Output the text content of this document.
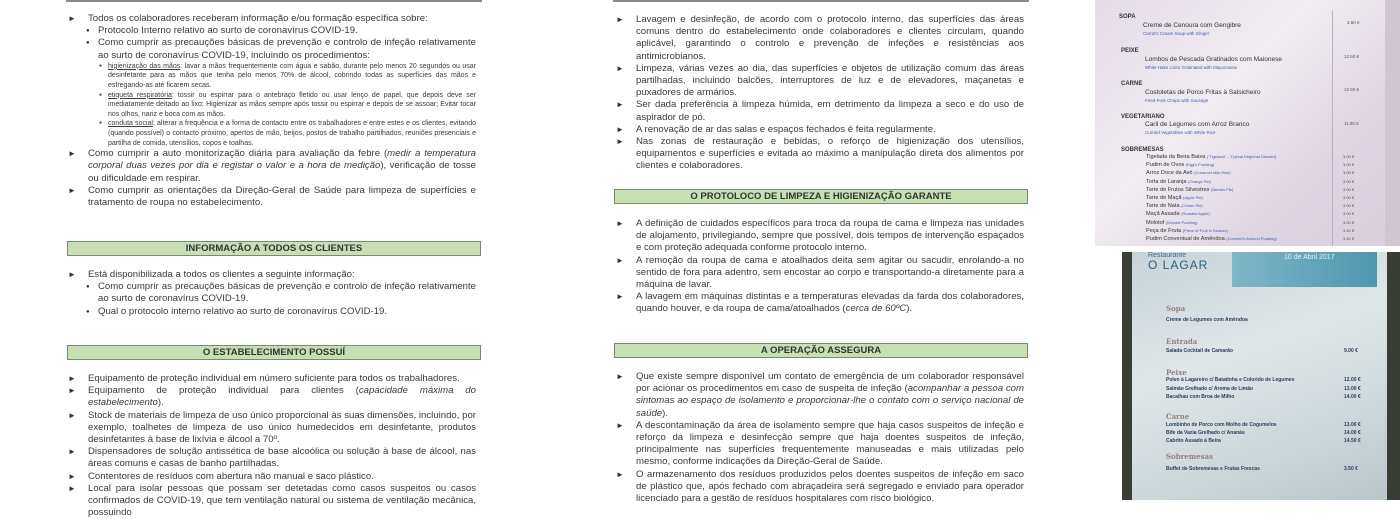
► Todos os colaboradores receberam informação e/ou formação específica sobre:
● Protocolo Interno relativo ao surto de coronavírus COVID-19.
● Como cumprir as precauções básicas de prevenção e controlo de infeção relativamente ao surto de coronavírus COVID-19, incluindo os procedimentos:
● higienização das mãos: lavar a mãos frequentemente com água e sabão, durante pelo menos 20 segundos ou usar desinfetante para as mãos que tenha pelo menos 70% de álcool, cobrindo todas as superfícies das mãos e esfregando-as até ficarem secas.
● etiqueta respiratória: tossir ou espirrar para o antebraço fletido ou usar lenço de papel, que depois deve ser imediatamente deitado ao lixo; Higienizar as mãos sempre após tossir ou espirrar e depois de se assoar; Evitar tocar nos olhos, nariz e boca com as mãos.
● conduta social: alterar a frequência e a forma de contacto entre os trabalhadores e entre estes e os clientes, evitando (quando possível) o contacto próximo, apertos de mão, beijos, postos de trabalho partilhados, reuniões presenciais e partilha de comida, utensílios, copos e toalhas.
► Como cumprir a auto monitorização diária para avaliação da febre (medir a temperatura corporal duas vezes por dia e registar o valor e a hora de medição), verificação de tosse ou dificuldade em respirar.
► Como cumprir as orientações da Direção-Geral de Saúde para limpeza de superfícies e tratamento de roupa no estabelecimento.
INFORMAÇÃO A TODOS OS CLIENTES
► Está disponibilizada a todos os clientes a seguinte informação:
● Como cumprir as precauções básicas de prevenção e controlo de infeção relativamente ao surto de coronavírus COVID-19.
● Qual o protocolo interno relativo ao surto de coronavírus COVID-19.
O ESTABELECIMENTO POSSUÍ
► Equipamento de proteção individual em número suficiente para todos os trabalhadores.
► Equipamento de proteção individual para clientes (capacidade máxima do estabelecimento).
► Stock de materiais de limpeza de uso único proporcional às suas dimensões, incluindo, por exemplo, toalhetes de limpeza de uso único humedecidos em desinfetante, produtos desinfetantes à base de lixívia e álcool a 70º.
► Dispensadores de solução antissética de base alcoólica ou solução à base de álcool, nas áreas comuns e casas de banho partilhadas.
► Contentores de resíduos com abertura não manual e saco plástico.
► Local para isolar pessoas que possam ser detetadas como casos suspeitos ou casos confirmados de COVID-19, que tem ventilação natural ou sistema de ventilação mecânica, possuindo
► Lavagem e desinfeção, de acordo com o protocolo interno, das superfícies das áreas comuns dentro do estabelecimento onde colaboradores e clientes circulam, quando aplicável, garantindo o controlo e prevenção de infeções e resistências aos antimicrobianos.
► Limpeza, várias vezes ao dia, das superfícies e objetos de utilização comum das áreas partilhadas, incluindo balcões, interruptores de luz e de elevadores, maçanetas e puxadores de armários.
► Ser dada preferência à limpeza húmida, em detrimento da limpeza a seco e do uso de aspirador de pó.
► A renovação de ar das salas e espaços fechados é feita regularmente.
► Nas zonas de restauração e bebidas, o reforço de higienização dos utensílios, equipamentos e superfícies e evitada ao máximo a manipulação direta dos alimentos por clientes e colaboradores.
O PROTOLOCO DE LIMPEZA E HIGIENIZAÇÃO GARANTE
► A definição de cuidados específicos para troca da roupa de cama e limpeza nas unidades de alojamento, privilegiando, sempre que possível, dois tempos de intervenção espaçados e com proteção adequada conforme protocolo interno.
► A remoção da roupa de cama e atoalhados deita sem agitar ou sacudir, enrolando-a no sentido de fora para adentro, sem encostar ao corpo e transportando-a diretamente para a máquina de lavar.
► A lavagem em máquinas distintas e a temperaturas elevadas da farda dos colaboradores, quando houver, e da roupa de cama/atoalhados (cerca de 60ºC).
A OPERAÇÃO ASSEGURA
► Que existe sempre disponível um contato de emergência de um colaborador responsável por acionar os procedimentos em caso de suspeita de infeção (acompanhar a pessoa com sintomas ao espaço de isolamento e proporcionar-lhe o contato com o serviço nacional de saúde).
► A descontaminação da área de isolamento sempre que haja casos suspeitos de infeção e reforço da limpeza e desinfecção sempre que haja doentes suspeitos de infeção, principalmente nas superfícies frequentemente manuseadas e mais utilizadas pelo mesmo, conforme indicações da Direção-Geral de Saúde.
► O armazenamento dos resíduos produzidos pelos doentes suspeitos de infeção em saco de plástico que, após fechado com abraçadeira será segregado e enviado para operador licenciado para a gestão de resíduos hospitalares com risco biológico.
SOPA
Creme de Cenoura com Gengibre
Carrot's Cream Soup with Ginger
2.50 €
PEIXE
Lombos de Pescada Gratinados com Maionese
White Hake Loins Gratinated with Mayonnaise
12.50 €
CARNE
Costoletas de Porco Fritas à Salsicheiro
Fried Pork Chops with Sausage
12.50 €
VEGETARIANO
Caril de Legumes com Arroz Branco
Curried Vegetables with White Rice
11.50 €
SOBREMESAS
Tigelada da Beira Baixa ("Tigelada" – Typical Regional Dessert)	3.00 €
Pudim de Ovos (Egg's Pudding)	3.00 €
Arroz Doce da Avó (Creamed Milk Rice)	3.00 €
Torta de Laranja (Orange Pie)	3.00 €
Tarte de Frutos Silvestres (Berries Pie)	3.00 €
Tarte de Maçã (Apple Pie)	3.00 €
Tarte de Nata (Cream Pie)	3.00 €
Maçã Assada (Roasted Apple)	3.00 €
Molotof (Molotof Pudding)	3.00 €
Peça de Fruta (Piece of Fruit in Season)	3.50 €
Pudim Conventual de Amêndoa (Convent's Almond Pudding)	3.50 €
Restaurante
O LAGAR
10 de Abril 2017
Sopa
Entrada
Peixe
Carne
Sobremesas
Creme de Legumes com Amêndoa
Salada Cocktail de Camarão	9.00 €
Polvo à Lagareiro c/ Batatinha e Colorido de Legumes	12.00 €
Salmão Grelhado c/ Aroma de Limão	13.00 €
Bacalhau com Broa de Milho	14.00 €
Lombinho de Porco com Molho de Cogumelos	13.00 €
Bife da Vazia Grelhado c/ Ananás	14.00 €
Cabrito Assado à Beira	14.50 €
Buffet de Sobremesas e Frutas Frescas	3.50 €
